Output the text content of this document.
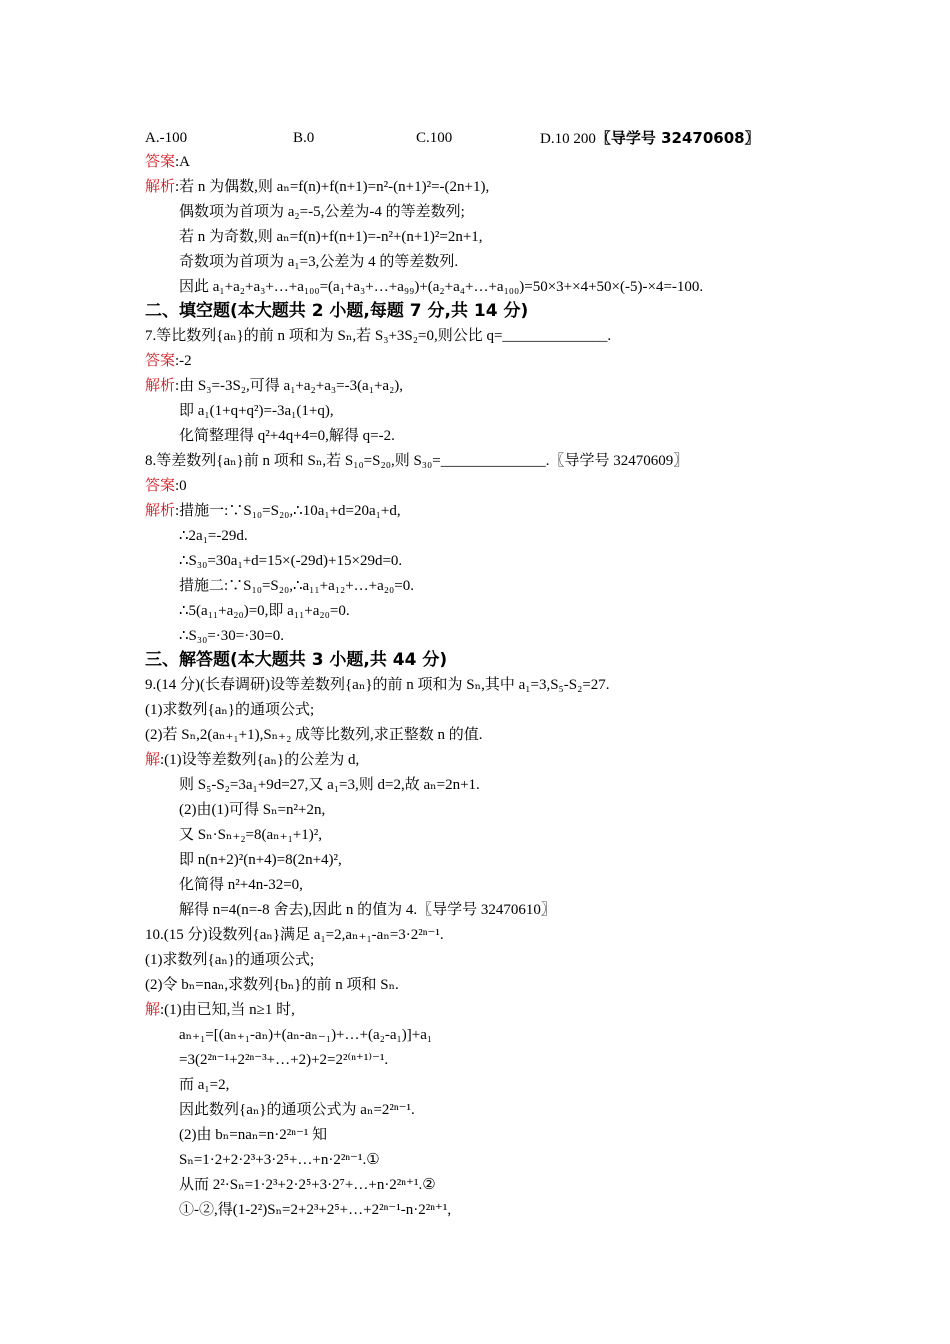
A.-100	B.0	C.100	D.10 200〖导学号 32470608〗
答案:A
解析:若 n 为偶数,则 aₙ=f(n)+f(n+1)=n²-(n+1)²=-(2n+1),
偶数项为首项为 a₂=-5,公差为-4 的等差数列;
若 n 为奇数,则 aₙ=f(n)+f(n+1)=-n²+(n+1)²=2n+1,
奇数项为首项为 a₁=3,公差为 4 的等差数列.
因此 a₁+a₂+a₃+…+a₁₀₀=(a₁+a₃+…+a₉₉)+(a₂+a₄+…+a₁₀₀)=50×3+×4+50×(-5)-×4=-100.
二、填空题(本大题共 2 小题,每题 7 分,共 14 分)
7.等比数列{aₙ}的前 n 项和为 Sₙ,若 S₃+3S₂=0,则公比 q=______________.
答案:-2
解析:由 S₃=-3S₂,可得 a₁+a₂+a₃=-3(a₁+a₂),
即 a₁(1+q+q²)=-3a₁(1+q),
化简整理得 q²+4q+4=0,解得 q=-2.
8.等差数列{aₙ}前 n 项和 Sₙ,若 S₁₀=S₂₀,则 S₃₀=______________.〖导学号 32470609〗
答案:0
解析:措施一:∵S₁₀=S₂₀,∴10a₁+d=20a₁+d,
∴2a₁=-29d.
∴S₃₀=30a₁+d=15×(-29d)+15×29d=0.
措施二:∵S₁₀=S₂₀,∴a₁₁+a₁₂+…+a₂₀=0.
∴5(a₁₁+a₂₀)=0,即 a₁₁+a₂₀=0.
∴S₃₀=·30=·30=0.
三、解答题(本大题共 3 小题,共 44 分)
9.(14 分)(长春调研)设等差数列{aₙ}的前 n 项和为 Sₙ,其中 a₁=3,S₅-S₂=27.
(1)求数列{aₙ}的通项公式;
(2)若 Sₙ,2(aₙ₊₁+1),Sₙ₊₂ 成等比数列,求正整数 n 的值.
解:(1)设等差数列{aₙ}的公差为 d,
则 S₅-S₂=3a₁+9d=27,又 a₁=3,则 d=2,故 aₙ=2n+1.
(2)由(1)可得 Sₙ=n²+2n,
又 Sₙ·Sₙ₊₂=8(aₙ₊₁+1)²,
即 n(n+2)²(n+4)=8(2n+4)²,
化简得 n²+4n-32=0,
解得 n=4(n=-8 舍去),因此 n 的值为 4.〖导学号 32470610〗
10.(15 分)设数列{aₙ}满足 a₁=2,aₙ₊₁-aₙ=3·2²ⁿ⁻¹.
(1)求数列{aₙ}的通项公式;
(2)令 bₙ=naₙ,求数列{bₙ}的前 n 项和 Sₙ.
解:(1)由已知,当 n≥1 时,
aₙ₊₁=[(aₙ₊₁-aₙ)+(aₙ-aₙ₋₁)+…+(a₂-a₁)]+a₁
=3(2²ⁿ⁻¹+2²ⁿ⁻³+…+2)+2=2²⁽ⁿ⁺¹⁾⁻¹.
而 a₁=2,
因此数列{aₙ}的通项公式为 aₙ=2²ⁿ⁻¹.
(2)由 bₙ=naₙ=n·2²ⁿ⁻¹ 知
Sₙ=1·2+2·2³+3·2⁵+…+n·2²ⁿ⁻¹.①
从而 2²·Sₙ=1·2³+2·2⁵+3·2⁷+…+n·2²ⁿ⁺¹.②
①-②,得(1-2²)Sₙ=2+2³+2⁵+…+2²ⁿ⁻¹-n·2²ⁿ⁺¹,
